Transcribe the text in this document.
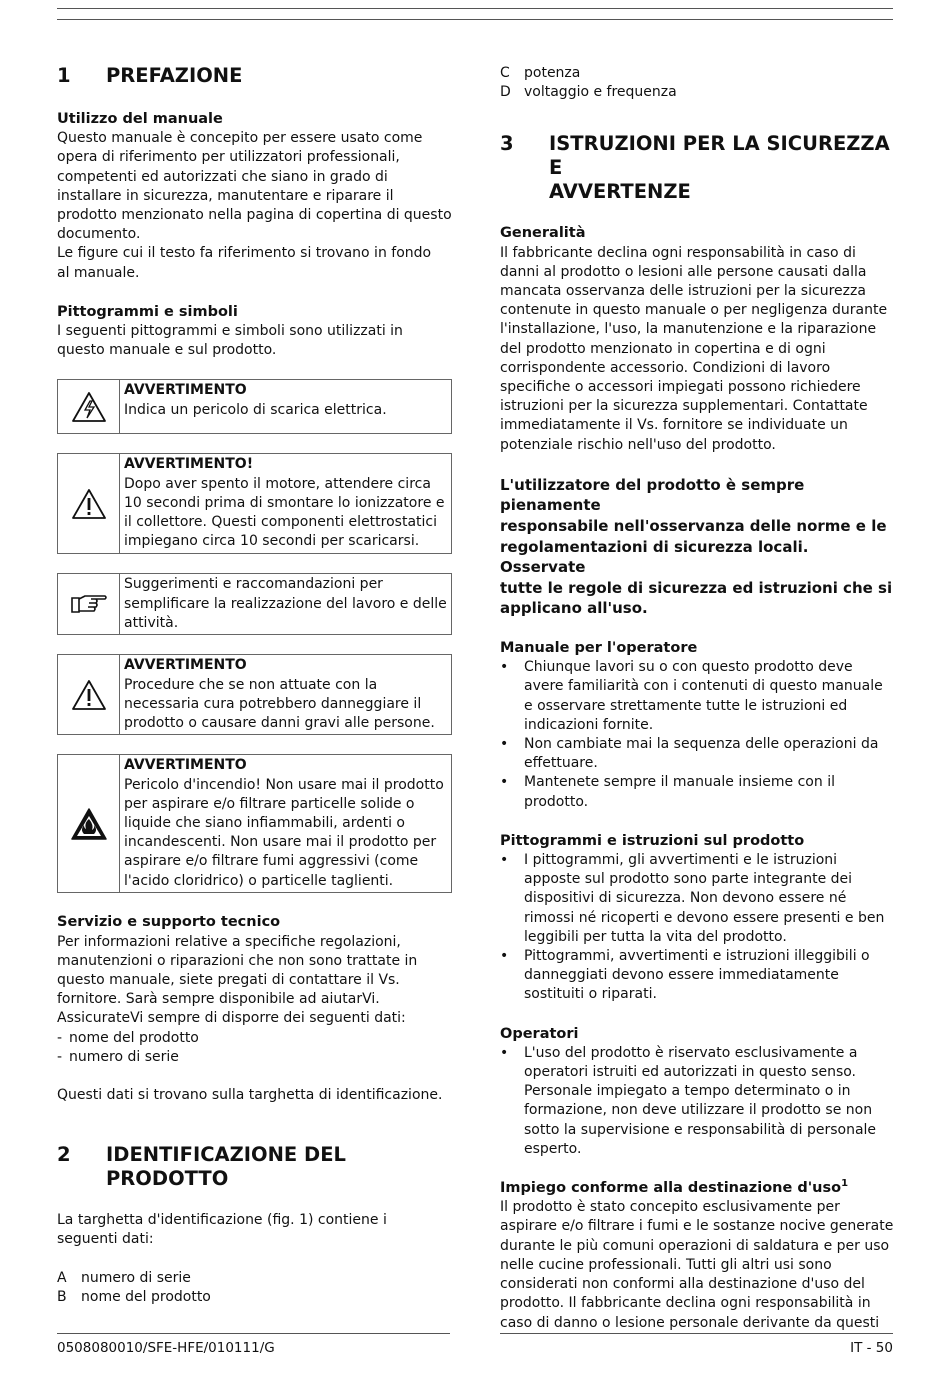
1	PREFAZIONE
Utilizzo del manuale

Questo manuale è concepito per essere usato come
opera di riferimento per utilizzatori professionali,
competenti ed autorizzati che siano in grado di
installare in sicurezza, manutentare e riparare il
prodotto menzionato nella pagina di copertina di questo
documento.
Le figure cui il testo fa riferimento si trovano in fondo
al manuale.

Pittogrammi e simboli

I seguenti pittogrammi e simboli sono utilizzati in
questo manuale e sul prodotto.

AVVERTIMENTO

Indica un pericolo di scarica elettrica.

AVVERTIMENTO!

Dopo aver spento il motore, attendere circa
10 secondi prima di smontare lo ionizzatore e
il collettore. Questi componenti elettrostatici
impiegano circa 10 secondi per scaricarsi.

Suggerimenti e raccomandazioni per
semplificare la realizzazione del lavoro e delle
attività.

AVVERTIMENTO

Procedure che se non attuate con la
necessaria cura potrebbero danneggiare il
prodotto o causare danni gravi alle persone.

AVVERTIMENTO

Pericolo d'incendio! Non usare mai il prodotto
per aspirare e/o filtrare particelle solide o
liquide che siano infiammabili, ardenti o
incandescenti. Non usare mai il prodotto per
aspirare e/o filtrare fumi aggressivi (come
l'acido cloridrico) o particelle taglienti.

Servizio e supporto tecnico

Per informazioni relative a specifiche regolazioni,
manutenzioni o riparazioni che non sono trattate in
questo manuale, siete pregati di contattare il Vs.
fornitore. Sarà sempre disponibile ad aiutarVi.
AssicurateVi sempre di disporre dei seguenti dati:

- nome del prodotto
- numero di serie

Questi dati si trovano sulla targhetta di identificazione.

2	IDENTIFICAZIONE DEL PRODOTTO

La targhetta d'identificazione (fig. 1) contiene i
seguenti dati:

A	numero di serie
B	nome del prodotto
C	potenza
D voltaggio e frequenza
3	ISTRUZIONI PER LA SICUREZZA E
AVVERTENZE
Generalità

Il fabbricante declina ogni responsabilità in caso di
danni al prodotto o lesioni alle persone causati dalla
mancata osservanza delle istruzioni per la sicurezza
contenute in questo manuale o per negligenza durante
l'installazione, l'uso, la manutenzione e la riparazione
del prodotto menzionato in copertina e di ogni
corrispondente accessorio. Condizioni di lavoro
specifiche o accessori impiegati possono richiedere
istruzioni per la sicurezza supplementari. Contattate
immediatamente il Vs. fornitore se individuate un
potenziale rischio nell'uso del prodotto.

L'utilizzatore del prodotto è sempre pienamente
responsabile nell'osservanza delle norme e le
regolamentazioni di sicurezza locali. Osservate
tutte le regole di sicurezza ed istruzioni che si
applicano all'uso.

Manuale per l'operatore
•	Chiunque lavori su o con questo prodotto deve
avere familiarità con i contenuti di questo manuale
e osservare strettamente tutte le istruzioni ed
indicazioni fornite.

•	Non cambiate mai la sequenza delle operazioni da
effettuare.

•	Mantenete sempre il manuale insieme con il
prodotto.

Pittogrammi e istruzioni sul prodotto
•	I pittogrammi, gli avvertimenti e le istruzioni
apposte sul prodotto sono parte integrante dei
dispositivi di sicurezza. Non devono essere né
rimossi né ricoperti e devono essere presenti e ben
leggibili per tutta la vita del prodotto.

•	Pittogrammi, avvertimenti e istruzioni illeggibili o
danneggiati devono essere immediatamente
sostituiti o riparati.

Operatori
•	L'uso del prodotto è riservato esclusivamente a
operatori istruiti ed autorizzati in questo senso.
Personale impiegato a tempo determinato o in
formazione, non deve utilizzare il prodotto se non
sotto la supervisione e responsabilità di personale
esperto.

Impiego conforme alla destinazione d'uso$^1$

Il prodotto è stato concepito esclusivamente per
aspirare e/o filtrare i fumi e le sostanze nocive generate
durante le più comuni operazioni di saldatura e per uso
nelle cucine professionali. Tutti gli altri usi sono
considerati non conformi alla destinazione d'uso del
prodotto. Il fabbricante declina ogni responsabilità in
caso di danno o lesione personale derivante da questi

0508080010/SFE-HFE/010111/G	IT - 50
